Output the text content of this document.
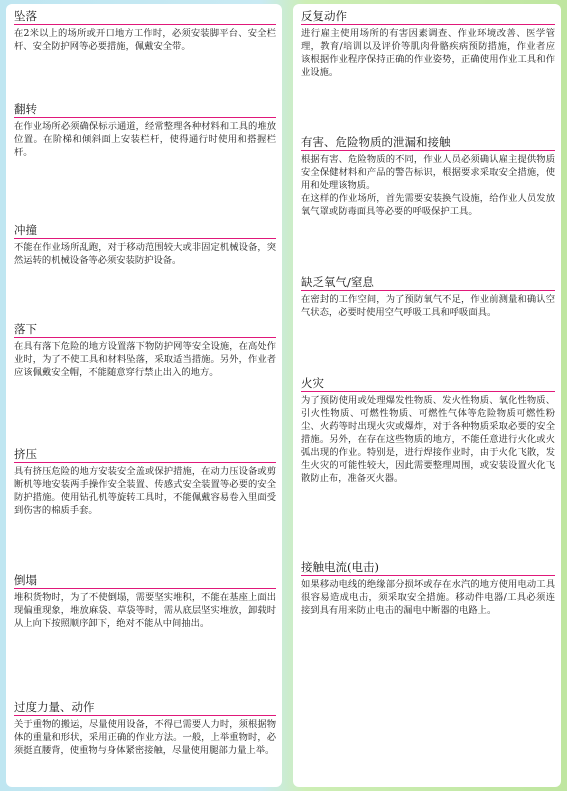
坠落

在2米以上的场所或开口地方工作时，必须安装脚平台、安全栏杆、安全防护网等必要措施，佩戴安全带。

翻转

在作业场所必须确保标示通道，经常整理各种材料和工具的堆放位置。在阶梯和倾斜面上安装栏杆，使得通行时使用和搭握栏杆。

冲撞

不能在作业场所乱跑，对于移动范围较大或非固定机械设备，突然运转的机械设备等必须安装防护设备。

落下

在具有落下危险的地方设置落下物防护网等安全设施，在高处作业时，为了不使工具和材料坠落，采取适当措施。另外，作业者应该佩戴安全帽，不能随意穿行禁止出入的地方。

挤压

具有挤压危险的地方安装安全盖或保护措施，在动力压设备或剪断机等地安装两手操作安全装置、传感式安全装置等必要的安全防护措施。使用钻孔机等旋转工具时，不能佩戴容易卷入里面受到伤害的棉质手套。

倒塌

堆积货物时，为了不使倒塌，需要坚实堆积，不能在基座上面出现偏重现象，堆放麻袋、草袋等时，需从底层坚实堆放，卸载时从上向下按照顺序卸下，绝对不能从中间抽出。

过度力量、动作

关于重物的搬运，尽量使用设备，不得已需要人力时，须根据物体的重量和形状，采用正确的作业方法。一般，上举重物时，必须挺直腰背，使重物与身体紧密接触，尽量使用腿部力量上举。

反复动作

进行雇主使用场所的有害因素调查、作业环境改善、医学管理，教育/培训以及评价等肌肉骨骼疾病预防措施，作业者应该根据作业程序保持正确的作业姿势，正确使用作业工具和作业设施。

有害、危险物质的泄漏和接触

根据有害、危险物质的不同，作业人员必须确认雇主提供物质安全保健材料和产品的警告标识，根据要求采取安全措施，使用和处理该物质。
在这样的作业场所，首先需要安装换气设施，给作业人员发放氧气罩或防毒面具等必要的呼吸保护工具。

缺乏氧气/窒息

在密封的工作空间，为了预防氧气不足，作业前测量和确认空气状态，必要时使用空气呼吸工具和呼吸面具。

火灾

为了预防使用或处理爆发性物质、发火性物质、氧化性物质、引火性物质、可燃性物质、可燃性气体等危险物质可燃性粉尘、火药等时出现火灾或爆炸，对于各种物质采取必要的安全措施。另外，在存在这些物质的地方，不能任意进行火化或火弧出现的作业。特别是，进行焊接作业时，由于火化飞散，发生火灾的可能性较大，因此需要整理周围，或安装设置火化飞散防止布，准备灭火器。

接触电流(电击)

如果移动电线的绝缘部分损坏或存在水汽的地方使用电动工具很容易造成电击，须采取安全措施。移动件电器/工具必须连接到具有用来防止电击的漏电中断器的电路上。
